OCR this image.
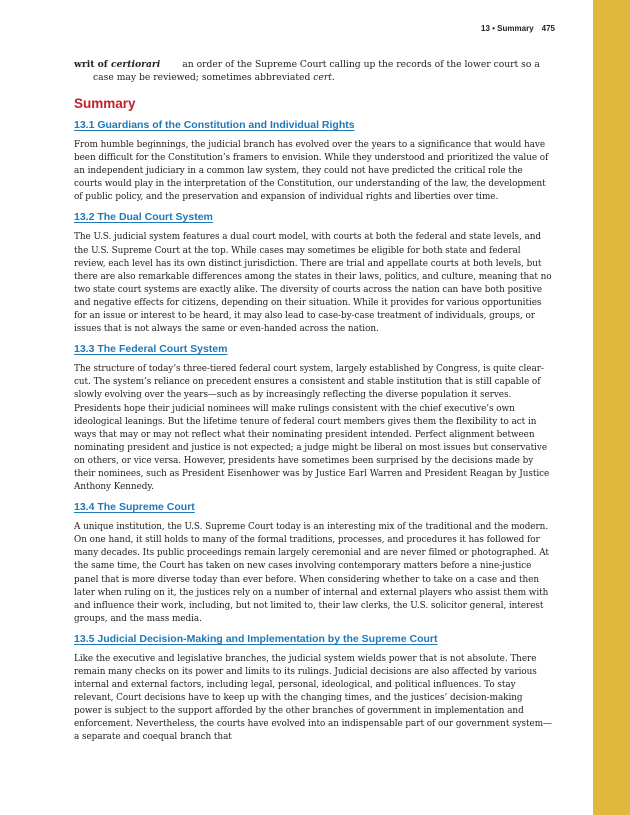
13 • Summary 475

writ of certiorari an order of the Supreme Court calling up the records of the lower court so a case may be reviewed; sometimes abbreviated cert.

Summary
13.1 Guardians of the Constitution and Individual Rights

From humble beginnings, the judicial branch has evolved over the years to a significance that would have been difficult for the Constitution’s framers to envision. While they understood and prioritized the value of an independent judiciary in a common law system, they could not have predicted the critical role the courts would play in the interpretation of the Constitution, our understanding of the law, the development of public policy, and the preservation and expansion of individual rights and liberties over time.

13.2 The Dual Court System

The U.S. judicial system features a dual court model, with courts at both the federal and state levels, and the U.S. Supreme Court at the top. While cases may sometimes be eligible for both state and federal review, each level has its own distinct jurisdiction. There are trial and appellate courts at both levels, but there are also remarkable differences among the states in their laws, politics, and culture, meaning that no two state court systems are exactly alike. The diversity of courts across the nation can have both positive and negative effects for citizens, depending on their situation. While it provides for various opportunities for an issue or interest to be heard, it may also lead to case-by-case treatment of individuals, groups, or issues that is not always the same or even-handed across the nation.

13.3 The Federal Court System

The structure of today’s three-tiered federal court system, largely established by Congress, is quite clear-cut. The system’s reliance on precedent ensures a consistent and stable institution that is still capable of slowly evolving over the years—such as by increasingly reflecting the diverse population it serves. Presidents hope their judicial nominees will make rulings consistent with the chief executive’s own ideological leanings. But the lifetime tenure of federal court members gives them the flexibility to act in ways that may or may not reflect what their nominating president intended. Perfect alignment between nominating president and justice is not expected; a judge might be liberal on most issues but conservative on others, or vice versa. However, presidents have sometimes been surprised by the decisions made by their nominees, such as President Eisenhower was by Justice Earl Warren and President Reagan by Justice Anthony Kennedy.

13.4 The Supreme Court

A unique institution, the U.S. Supreme Court today is an interesting mix of the traditional and the modern. On one hand, it still holds to many of the formal traditions, processes, and procedures it has followed for many decades. Its public proceedings remain largely ceremonial and are never filmed or photographed. At the same time, the Court has taken on new cases involving contemporary matters before a nine-justice panel that is more diverse today than ever before. When considering whether to take on a case and then later when ruling on it, the justices rely on a number of internal and external players who assist them with and influence their work, including, but not limited to, their law clerks, the U.S. solicitor general, interest groups, and the mass media.

13.5 Judicial Decision-Making and Implementation by the Supreme Court

Like the executive and legislative branches, the judicial system wields power that is not absolute. There remain many checks on its power and limits to its rulings. Judicial decisions are also affected by various internal and external factors, including legal, personal, ideological, and political influences. To stay relevant, Court decisions have to keep up with the changing times, and the justices’ decision-making power is subject to the support afforded by the other branches of government in implementation and enforcement. Nevertheless, the courts have evolved into an indispensable part of our government system—a separate and coequal branch that
